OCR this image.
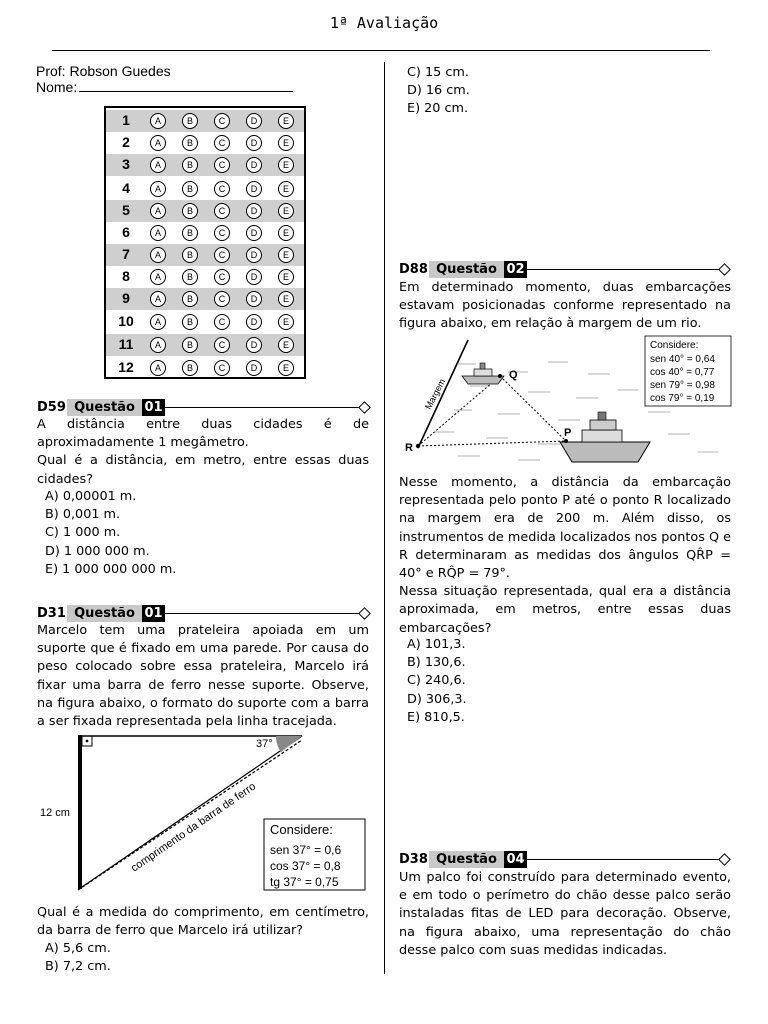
1ª Avaliação
Prof: Robson Guedes
Nome:
1	A	B	C	D	E
2	A	B	C	D	E
3	A	B	C	D	E
4	A	B	C	D	E
5	A	B	C	D	E
6	A	B	C	D	E
7	A	B	C	D	E
8	A	B	C	D	E
9	A	B	C	D	E
10	A	B	C	D	E
11	A	B	C	D	E
12	A	B	C	D	E
D59 Questão 01
A distância entre duas cidades é de aproximadamente 1 megâmetro.
Qual é a distância, em metro, entre essas duas cidades?
A) 0,00001 m.
B) 0,001 m.
C) 1 000 m.
D) 1 000 000 m.
E) 1 000 000 000 m.
D31 Questão 01
Marcelo tem uma prateleira apoiada em um suporte que é fixado em uma parede. Por causa do peso colocado sobre essa prateleira, Marcelo irá fixar uma barra de ferro nesse suporte. Observe, na figura abaixo, o formato do suporte com a barra a ser fixada representada pela linha tracejada.
37°
12 cm	comprimento da barra de ferro Considere:
sen 37° = 0,6
cos 37° = 0,8
tg 37° = 0,75
Qual é a medida do comprimento, em centímetro, da barra de ferro que Marcelo irá utilizar?
A) 5,6 cm.
B) 7,2 cm.
C) 15 cm.
D) 16 cm.
E) 20 cm.
D88 Questão 02
Em determinado momento, duas embarcações estavam posicionadas conforme representado na figura abaixo, em relação à margem de um rio.
Margem
Q
R
P
Considere:
sen 40° = 0,64
cos 40° = 0,77
sen 79° = 0,98
cos 79° = 0,19
Nesse momento, a distância da embarcação representada pelo ponto P até o ponto R localizado na margem era de 200 m. Além disso, os instrumentos de medida localizados nos pontos Q e R determinaram as medidas dos ângulos QR̂P = 40° e RQ̂P = 79°.
Nessa situação representada, qual era a distância aproximada, em metros, entre essas duas embarcações?
A) 101,3.
B) 130,6.
C) 240,6.
D) 306,3.
E) 810,5.
D38 Questão 04
Um palco foi construído para determinado evento, e em todo o perímetro do chão desse palco serão instaladas fitas de LED para decoração. Observe, na figura abaixo, uma representação do chão desse palco com suas medidas indicadas.
